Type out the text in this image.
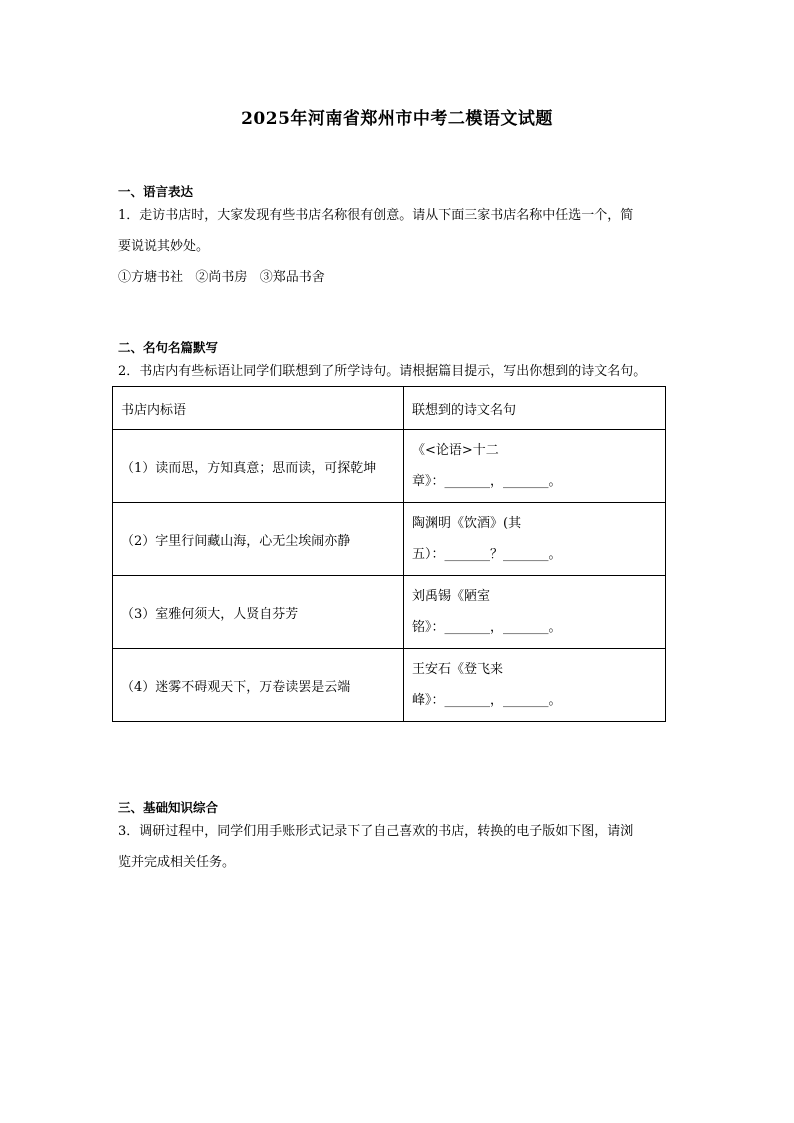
2025年河南省郑州市中考二模语文试题
一、语言表达
1．走访书店时，大家发现有些书店名称很有创意。请从下面三家书店名称中任选一个，简
要说说其妙处。
①方塘书社   ②尚书房   ③郑品书舍
二、名句名篇默写
2．书店内有些标语让同学们联想到了所学诗句。请根据篇目提示，写出你想到的诗文名句。
书店内标语	联想到的诗文名句
（1）读而思，方知真意；思而读，可探乾坤	《<论语>十二
章》：_______，_______。

（2）字里行间藏山海，心无尘埃闹亦静	陶渊明《饮酒》(其
五）：_______？_______。

（3）室雅何须大，人贤自芬芳	刘禹锡《陋室
铭》：_______，_______。

（4）迷雾不碍观天下，万卷读罢是云端	王安石《登飞来
峰》：_______，_______。
三、基础知识综合
3．调研过程中，同学们用手账形式记录下了自己喜欢的书店，转换的电子版如下图，请浏
览并完成相关任务。
